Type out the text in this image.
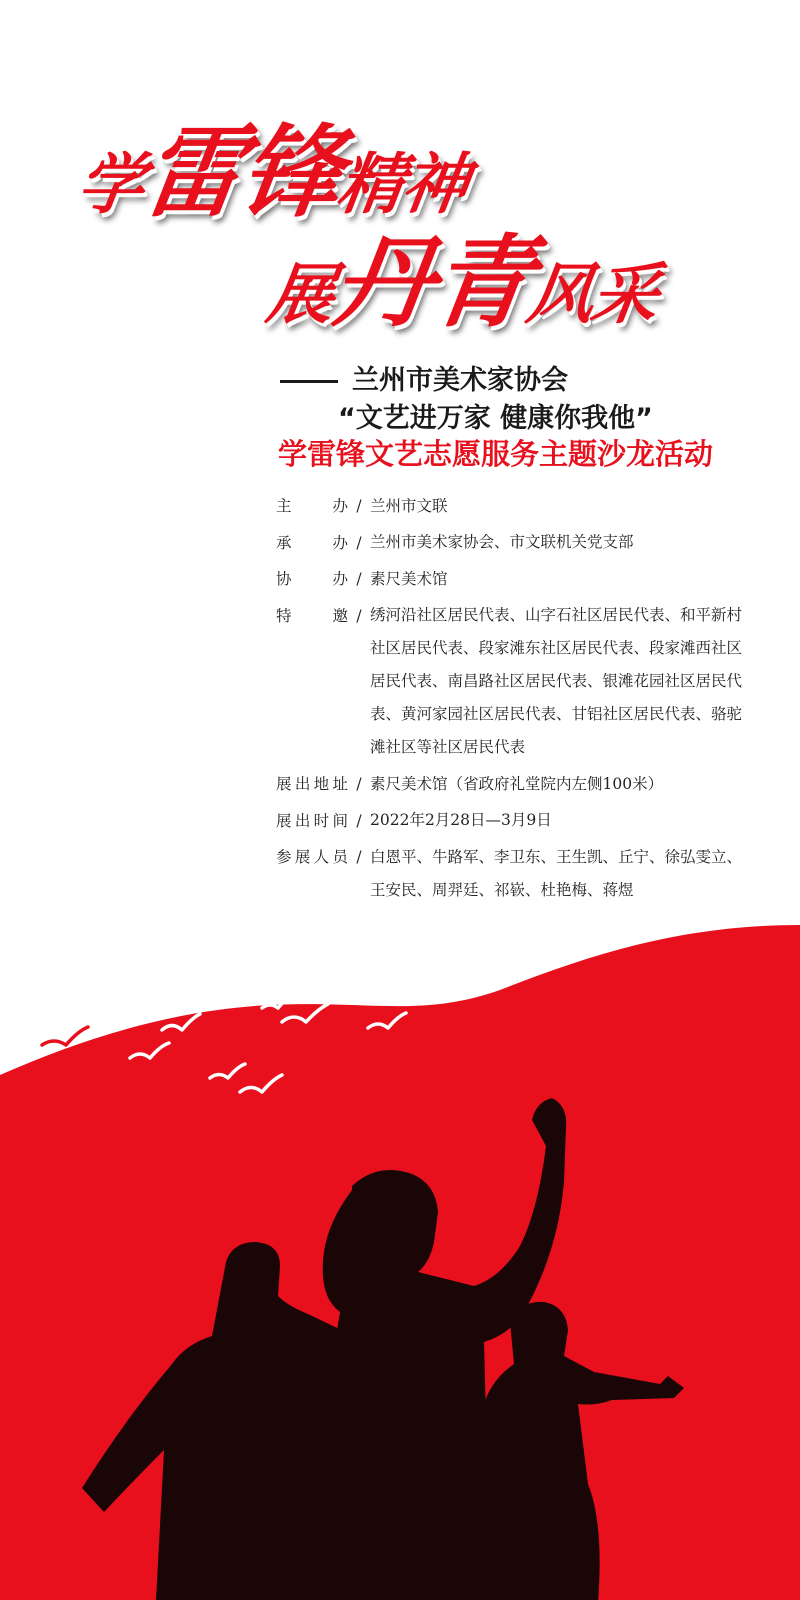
学雷锋精神
展丹青风采

兰州市美术家协会

“文艺进万家 健康你我他”

学雷锋文艺志愿服务主题沙龙活动

主办 / 兰州市文联
承办 / 兰州市美术家协会、市文联机关党支部
协办 / 素尺美术馆
特邀 / 绣河沿社区居民代表、山字石社区居民代表、和平新村社区居民代表、段家滩东社区居民代表、段家滩西社区居民代表、南昌路社区居民代表、银滩花园社区居民代表、黄河家园社区居民代表、甘铝社区居民代表、骆驼滩社区等社区居民代表
展出地址 / 素尺美术馆（省政府礼堂院内左侧100米）
展出时间 / 2022年2月28日—3月9日
参展人员 / 白恩平、牛路军、李卫东、王生凯、丘宁、徐弘雯立、王安民、周羿廷、祁嵚、杜艳梅、蒋煜
